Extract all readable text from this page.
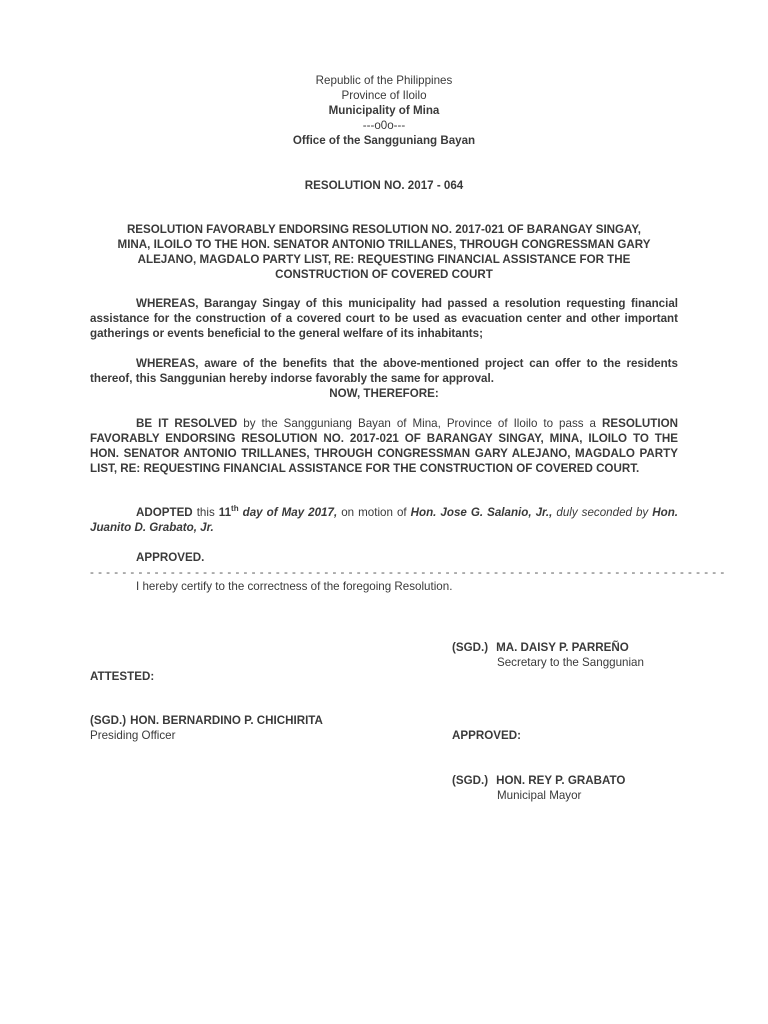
Republic of the Philippines
Province of Iloilo
Municipality of Mina
---o0o---
Office of the Sangguniang Bayan
RESOLUTION NO. 2017 - 064
RESOLUTION FAVORABLY ENDORSING RESOLUTION NO. 2017-021 OF BARANGAY SINGAY,
MINA, ILOILO TO THE HON. SENATOR ANTONIO TRILLANES, THROUGH CONGRESSMAN GARY
ALEJANO, MAGDALO PARTY LIST, RE: REQUESTING FINANCIAL ASSISTANCE FOR THE
CONSTRUCTION OF COVERED COURT
WHEREAS, Barangay Singay of this municipality had passed a resolution requesting financial assistance for the construction of a covered court to be used as evacuation center and other important gatherings or events beneficial to the general welfare of its inhabitants;
WHEREAS, aware of the benefits that the above-mentioned project can offer to the residents thereof, this Sanggunian hereby indorse favorably the same for approval.
NOW, THEREFORE:
BE IT RESOLVED by the Sangguniang Bayan of Mina, Province of Iloilo to pass a RESOLUTION FAVORABLY ENDORSING RESOLUTION NO. 2017-021 OF BARANGAY SINGAY, MINA, ILOILO TO THE HON. SENATOR ANTONIO TRILLANES, THROUGH CONGRESSMAN GARY ALEJANO, MAGDALO PARTY LIST, RE: REQUESTING FINANCIAL ASSISTANCE FOR THE CONSTRUCTION OF COVERED COURT.
ADOPTED this 11th day of May 2017, on motion of Hon. Jose G. Salanio, Jr., duly seconded by Hon. Juanito D. Grabato, Jr.
APPROVED.
- - - - - - - - - - - - - - - - - - - - - - - - - - - - - - - - - - - - - - - - - - - - - - - - - - - - - - - - - - - - - - - - - - - - - - - - - - - - - - -
I hereby certify to the correctness of the foregoing Resolution.
(SGD.) MA. DAISY P. PARREÑO
Secretary to the Sanggunian
ATTESTED:
(SGD.) HON. BERNARDINO P. CHICHIRITA
Presiding Officer	APPROVED:
(SGD.) HON. REY P. GRABATO
Municipal Mayor
